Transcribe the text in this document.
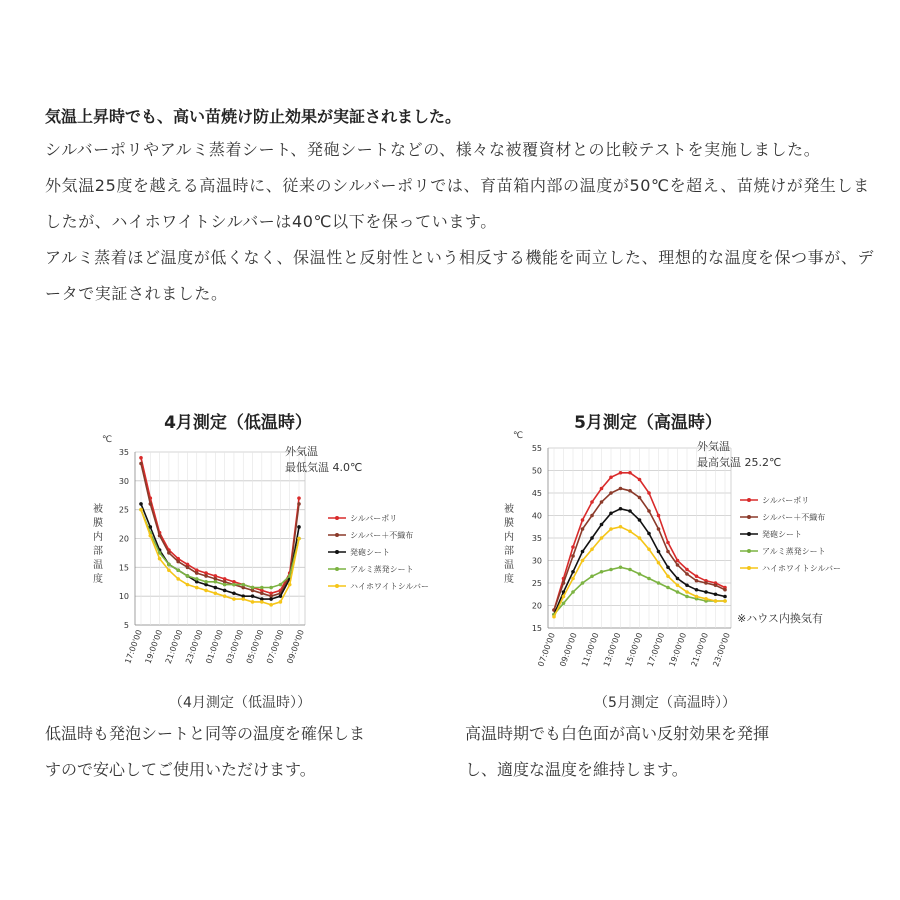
気温上昇時でも、高い苗焼け防止効果が実証されました。

シルバーポリやアルミ蒸着シート、発砲シートなどの、様々な被覆資材との比較テストを実施しました。

外気温25度を越える高温時に、従来のシルバーポリでは、育苗箱内部の温度が50℃を超え、苗焼けが発生しましたが、ハイホワイトシルバーは40℃以下を保っています。

アルミ蒸着ほど温度が低くなく、保温性と反射性という相反する機能を両立した、理想的な温度を保つ事が、データで実証されました。

4月測定（低温時）
℃
5
10
15
20
25
30
35
被
膜
内
部
温
度
17:00'00 19:00'00 21:00'00 23:00'00 01:00'00 03:00'00 05:00'00 07:00'00 09:00'00
外気温
最低気温 4.0℃
シルバーポリ
シルバー＋不織布
発砲シート
アルミ蒸発シート
ハイホワイトシルバー
（4月測定（低温時））

低温時も発泡シートと同等の温度を確保しま
すので安心してご使用いただけます。

5月測定（高温時）
℃
15
20
25
30
35
40
45
50
55
被
膜
内
部
温
度
07:00'00 09:00'00 11:00'00 13:00'00 15:00'00 17:00'00 19:00'00 21:00'00 23:00'00
外気温
最高気温 25.2℃
シルバーポリ
シルバー＋不織布
発砲シート
アルミ蒸発シート
ハイホワイトシルバー
※ハウス内換気有
（5月測定（高温時））

高温時期でも白色面が高い反射効果を発揮
し、適度な温度を維持します。
